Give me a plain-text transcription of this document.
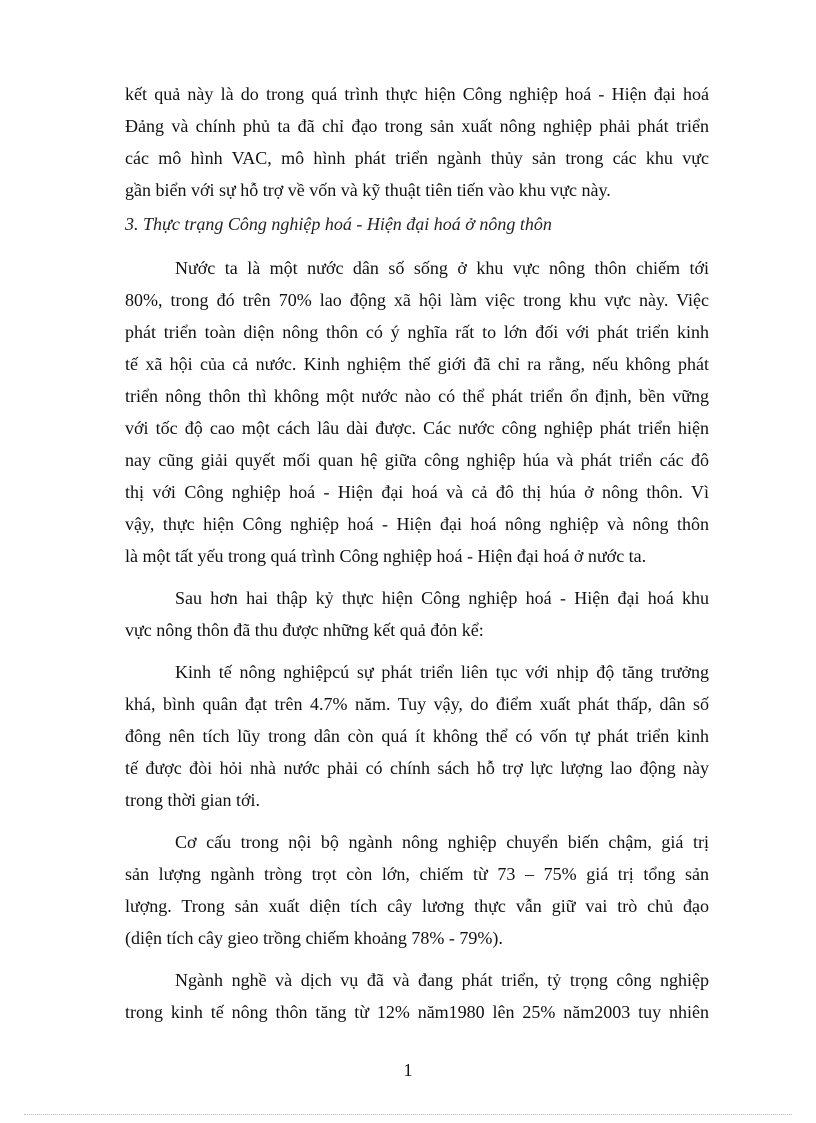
kết quả này là do trong quá trình thực hiện Công nghiệp hoá - Hiện đại hoá
Đảng và chính phủ ta đã chỉ đạo trong sản xuất nông nghiệp phải phát triển
các mô hình VAC, mô hình phát triển ngành thủy sản trong các khu vực
gần biển với sự hỗ trợ về vốn và kỹ thuật tiên tiến vào khu vực này.
3. Thực trạng Công nghiệp hoá - Hiện đại hoá ở nông thôn
Nước ta là một nước dân số sống ở khu vực nông thôn chiếm tới
80%, trong đó trên 70% lao động xã hội làm việc trong khu vực này. Việc
phát triển toàn diện nông thôn có ý nghĩa rất to lớn đối với phát triển kinh
tế xã hội của cả nước. Kinh nghiệm thế giới đã chỉ ra rằng, nếu không phát
triển nông thôn thì không một nước nào có thể phát triển ổn định, bền vững
với tốc độ cao một cách lâu dài được. Các nước công nghiệp phát triển hiện
nay cũng giải quyết mối quan hệ giữa công nghiệp húa và phát triển các đô
thị với Công nghiệp hoá - Hiện đại hoá và cả đô thị húa ở nông thôn. Vì
vậy, thực hiện Công nghiệp hoá - Hiện đại hoá nông nghiệp và nông thôn
là một tất yếu trong quá trình Công nghiệp hoá - Hiện đại hoá ở nước ta.
Sau hơn hai thập kỷ thực hiện Công nghiệp hoá - Hiện đại hoá khu
vực nông thôn đã thu được những kết quả đỏn kể:
Kinh tế nông nghiệpcú sự phát triển liên tục với nhịp độ tăng trưởng
khá, bình quân đạt trên 4.7% năm. Tuy vậy, do điểm xuất phát thấp, dân số
đông nên tích lũy trong dân còn quá ít không thể có vốn tự phát triển kinh
tế được đòi hỏi nhà nước phải có chính sách hỗ trợ lực lượng lao động này
trong thời gian tới.
Cơ cấu trong nội bộ ngành nông nghiệp chuyển biến chậm, giá trị
sản lượng ngành tròng trọt còn lớn, chiếm từ 73 – 75% giá trị tổng sản
lượng. Trong sản xuất diện tích cây lương thực vẫn giữ vai trò chủ đạo
(diện tích cây gieo trồng chiếm khoảng 78% - 79%).
Ngành nghề và dịch vụ đã và đang phát triển, tỷ trọng công nghiệp
trong kinh tế nông thôn tăng từ 12% năm1980 lên 25% năm2003 tuy nhiên
1
